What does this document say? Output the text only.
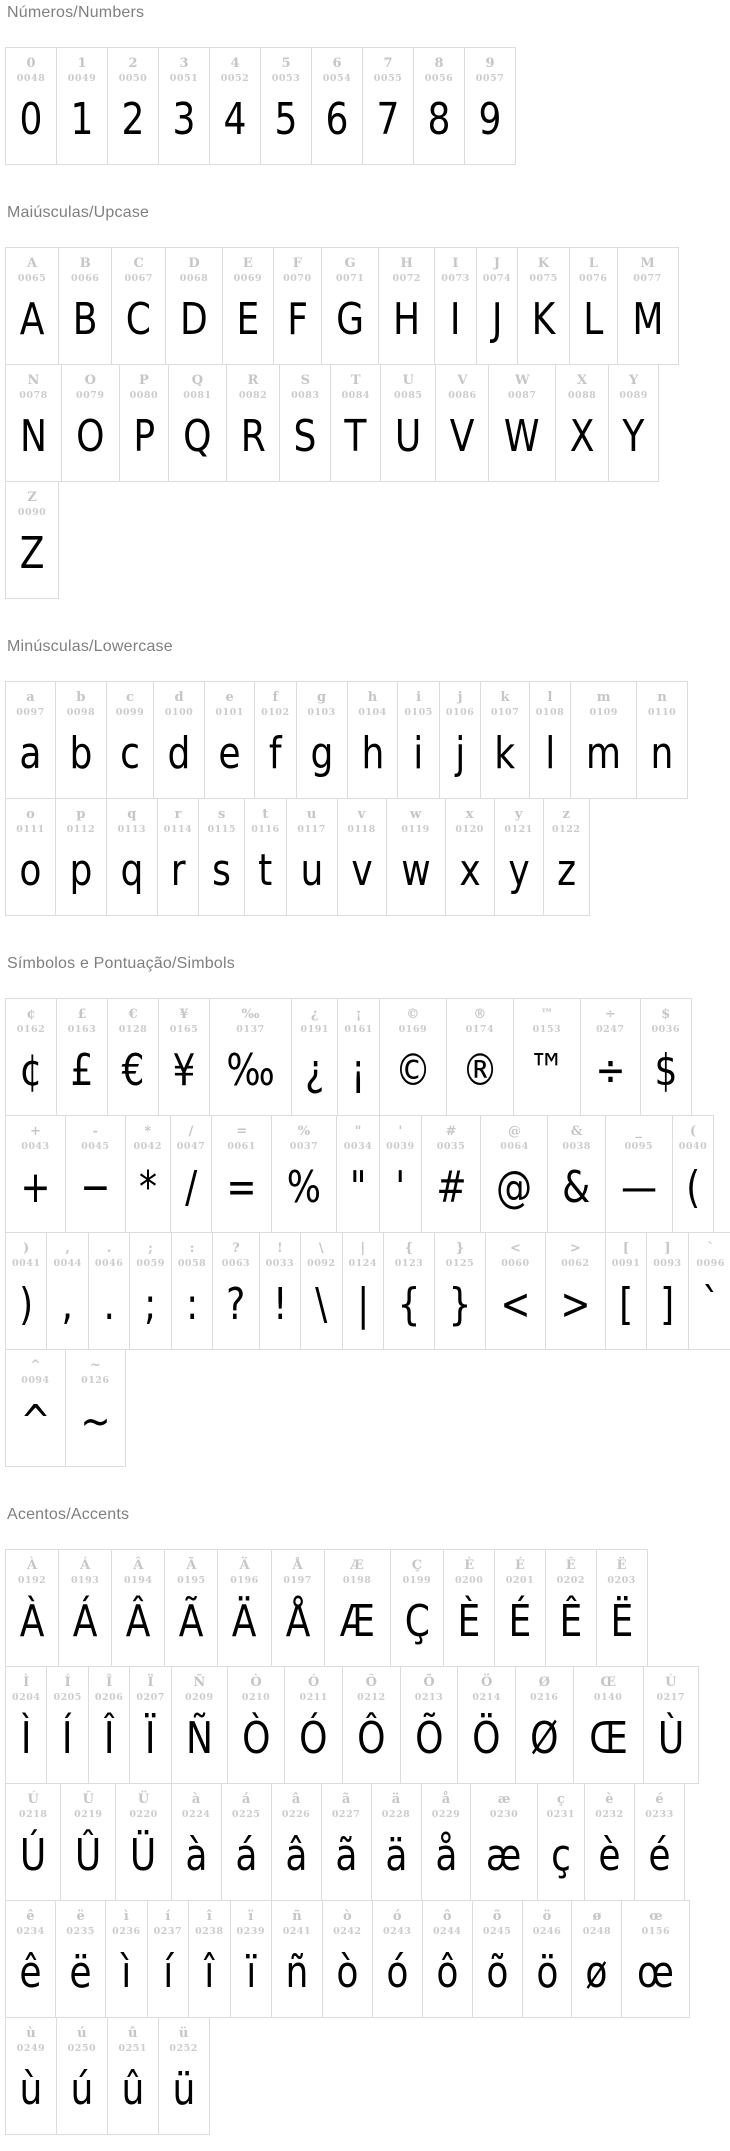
Números/Numbers
0
0048
0
1
0049
1
2
0050
2
3
0051
3
4
0052
4
5
0053
5
6
0054
6
7
0055
7
8
0056
8
9
0057
9
Maiúsculas/Upcase
A
0065
A
B
0066
B
C
0067
C
D
0068
D
E
0069
E
F
0070
F
G
0071
G
H
0072
H
I
0073
I
J
0074
J
K
0075
K
L
0076
L
M
0077
M
N
0078
N
O
0079
O
P
0080
P
Q
0081
Q
R
0082
R
S
0083
S
T
0084
T
U
0085
U
V
0086
V
W
0087
W
X
0088
X
Y
0089
Y
Z
0090
Z
Minúsculas/Lowercase
a
0097
a
b
0098
b
c
0099
c
d
0100
d
e
0101
e
f
0102
f
g
0103
g
h
0104
h
i
0105
i
j
0106
j
k
0107
k
l
0108
l
m
0109
m
n
0110
n
o
0111
o
p
0112
p
q
0113
q
r
0114
r
s
0115
s
t
0116
t
u
0117
u
v
0118
v
w
0119
w
x
0120
x
y
0121
y
z
0122
z
Símbolos e Pontuação/Simbols
¢
0162
¢
£
0163
£
€
0128
€
¥
0165
¥
‰
0137
‰
¿
0191
¿
¡
0161
¡
©
0169
©
®
0174
®
™
0153
™
÷
0247
÷
$
0036
$
+
0043
+
-
0045
−
*
0042
*
/
0047
/
=
0061
=
%
0037
%
"
0034
"
'
0039
'
#
0035
#
@
0064
@
&
0038
&
_
0095
—
(
0040
(
)
0041
)
,
0044
,
.
0046
.
;
0059
;
:
0058
:
?
0063
?
!
0033
!
\
0092
\
|
0124
|
{
0123
{
}
0125
}
<
0060
<
>
0062
>
[
0091
[
]
0093
]
`
0096
`
^
0094
^
~
0126
~
Acentos/Accents
À
0192
À
Á
0193
Á
Â
0194
Â
Ã
0195
Ã
Ä
0196
Ä
Å
0197
Å
Æ
0198
Æ
Ç
0199
Ç
È
0200
È
É
0201
É
Ê
0202
Ê
Ë
0203
Ë
Ì
0204
Ì
Í
0205
Í
Î
0206
Î
Ï
0207
Ï
Ñ
0209
Ñ
Ò
0210
Ò
Ó
0211
Ó
Ô
0212
Ô
Õ
0213
Õ
Ö
0214
Ö
Ø
0216
Ø
Œ
0140
Œ
Ù
0217
Ù
Ú
0218
Ú
Û
0219
Û
Ü
0220
Ü
à
0224
à
á
0225
á
â
0226
â
ã
0227
ã
ä
0228
ä
å
0229
å
æ
0230
æ
ç
0231
ç
è
0232
è
é
0233
é
ê
0234
ê
ë
0235
ë
ì
0236
ì
í
0237
í
î
0238
î
ï
0239
ï
ñ
0241
ñ
ò
0242
ò
ó
0243
ó
ô
0244
ô
õ
0245
õ
ö
0246
ö
ø
0248
ø
œ
0156
œ
ù
0249
ù
ú
0250
ú
û
0251
û
ü
0252
ü
